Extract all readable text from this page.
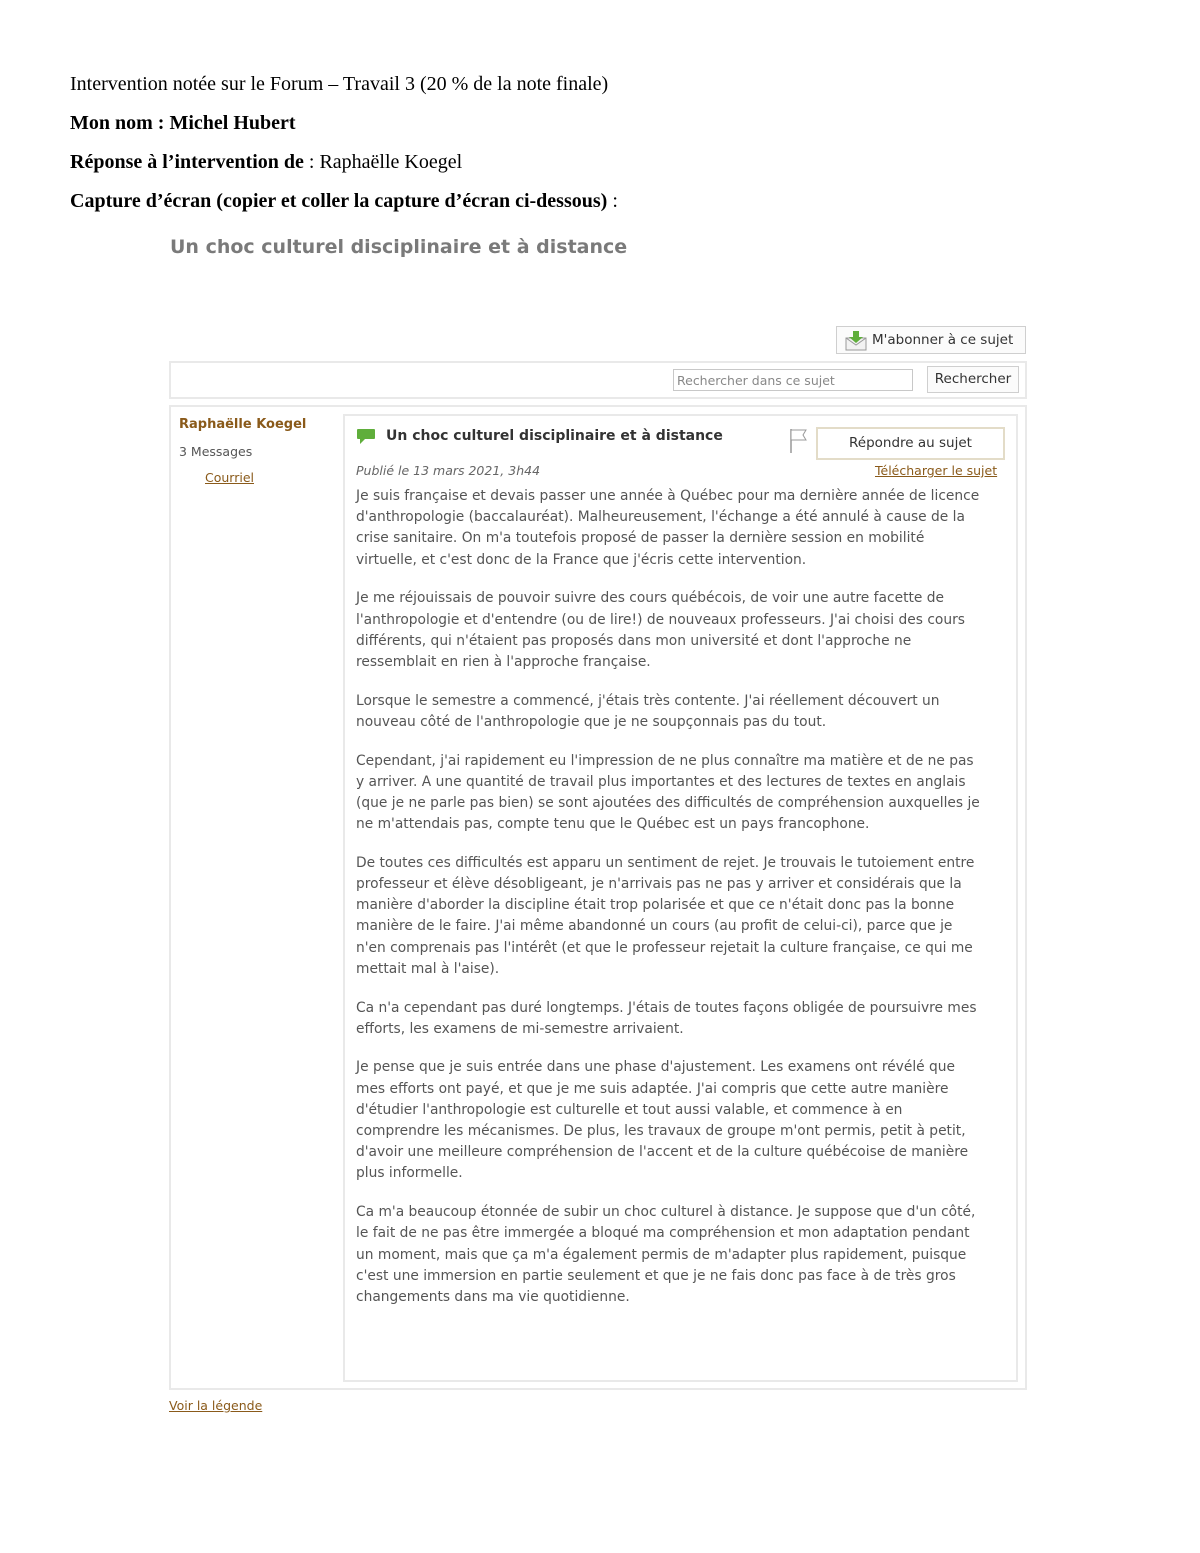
Intervention notée sur le Forum – Travail 3 (20 % de la note finale)

Mon nom : Michel Hubert

Réponse à l’intervention de : Raphaëlle Koegel

Capture d’écran (copier et coller la capture d’écran ci-dessous) :

Un choc culturel disciplinaire et à distance
M'abonner à ce sujet
Rechercher dans ce sujet
Rechercher
Raphaëlle Koegel
3 Messages
Courriel
Un choc culturel disciplinaire et à distance	Répondre au sujet
Publié le 13 mars 2021, 3h44	Télécharger le sujet

Je suis française et devais passer une année à Québec pour ma dernière année de licence d'anthropologie (baccalauréat). Malheureusement, l'échange a été annulé à cause de la crise sanitaire. On m'a toutefois proposé de passer la dernière session en mobilité virtuelle, et c'est donc de la France que j'écris cette intervention.

Je me réjouissais de pouvoir suivre des cours québécois, de voir une autre facette de l'anthropologie et d'entendre (ou de lire!) de nouveaux professeurs. J'ai choisi des cours différents, qui n'étaient pas proposés dans mon université et dont l'approche ne ressemblait en rien à l'approche française.

Lorsque le semestre a commencé, j'étais très contente. J'ai réellement découvert un nouveau côté de l'anthropologie que je ne soupçonnais pas du tout.

Cependant, j'ai rapidement eu l'impression de ne plus connaître ma matière et de ne pas y arriver. A une quantité de travail plus importantes et des lectures de textes en anglais (que je ne parle pas bien) se sont ajoutées des difficultés de compréhension auxquelles je ne m'attendais pas, compte tenu que le Québec est un pays francophone.

De toutes ces difficultés est apparu un sentiment de rejet. Je trouvais le tutoiement entre professeur et élève désobligeant, je n'arrivais pas ne pas y arriver et considérais que la manière d'aborder la discipline était trop polarisée et que ce n'était donc pas la bonne manière de le faire. J'ai même abandonné un cours (au profit de celui-ci), parce que je n'en comprenais pas l'intérêt (et que le professeur rejetait la culture française, ce qui me mettait mal à l'aise).

Ca n'a cependant pas duré longtemps. J'étais de toutes façons obligée de poursuivre mes efforts, les examens de mi-semestre arrivaient.

Je pense que je suis entrée dans une phase d'ajustement. Les examens ont révélé que mes efforts ont payé, et que je me suis adaptée. J'ai compris que cette autre manière d'étudier l'anthropologie est culturelle et tout aussi valable, et commence à en comprendre les mécanismes. De plus, les travaux de groupe m'ont permis, petit à petit, d'avoir une meilleure compréhension de l'accent et de la culture québécoise de manière plus informelle.

Ca m'a beaucoup étonnée de subir un choc culturel à distance. Je suppose que d'un côté, le fait de ne pas être immergée a bloqué ma compréhension et mon adaptation pendant un moment, mais que ça m'a également permis de m'adapter plus rapidement, puisque c'est une immersion en partie seulement et que je ne fais donc pas face à de très gros changements dans ma vie quotidienne.

Voir la légende
